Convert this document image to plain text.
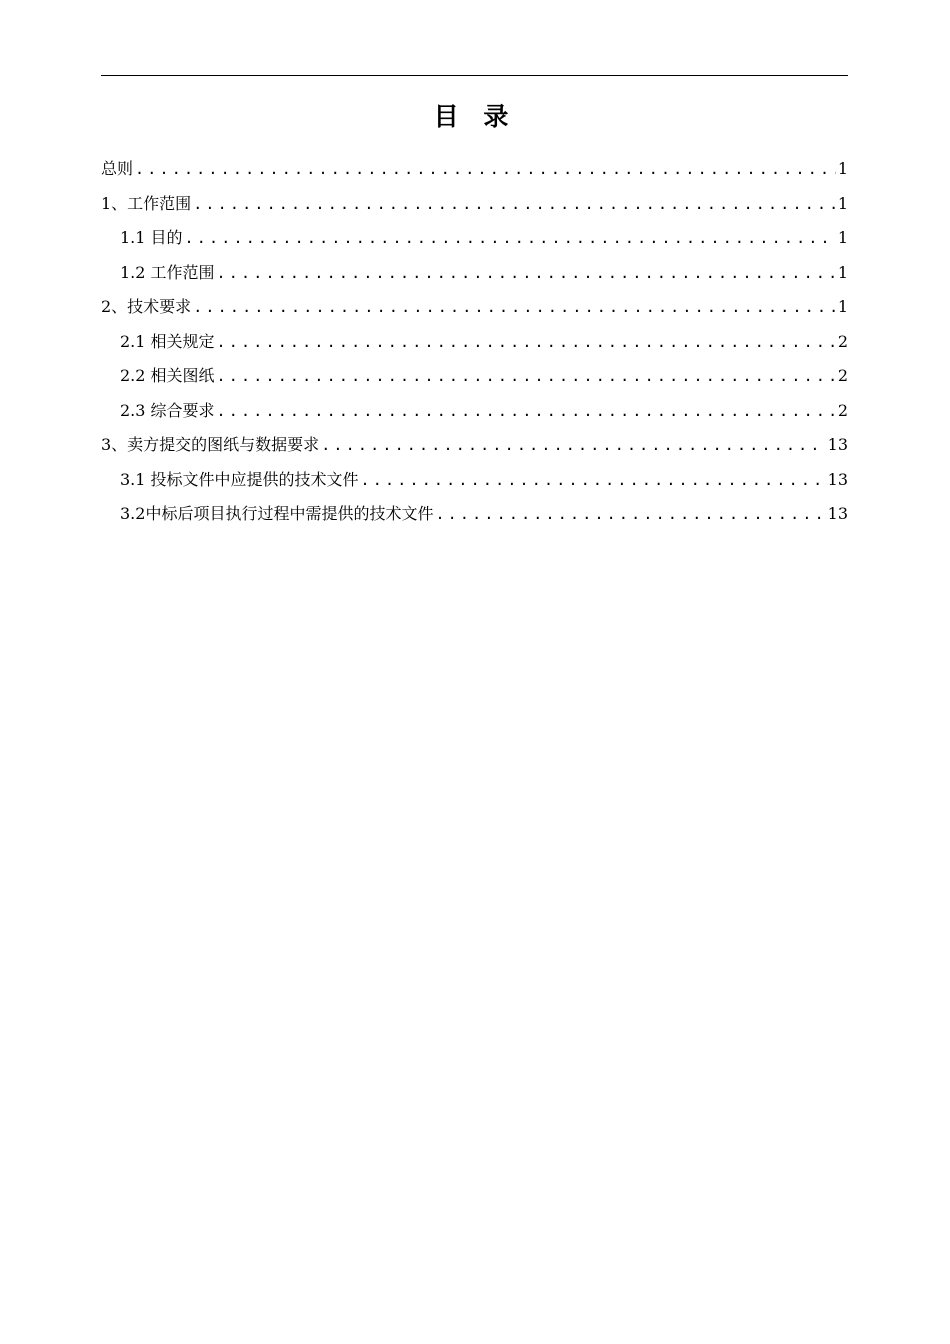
目 录
总则 .....	1
1、工作范围 .....	1
1.1 目的 .....	1
1.2 工作范围 .....	1
2、技术要求 .....	1
2.1 相关规定 .....	2
2.2 相关图纸 .....	2
2.3 综合要求 .....	2
3、卖方提交的图纸与数据要求 .....	13
3.1 投标文件中应提供的技术文件 .....	13
3.2中标后项目执行过程中需提供的技术文件 .....	13
